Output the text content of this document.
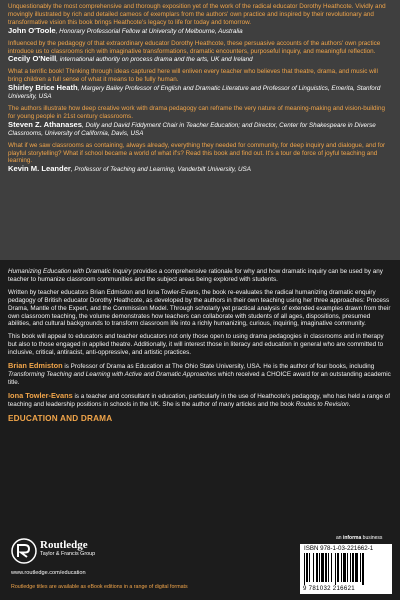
Unquestionably the most comprehensive and thorough exposition yet of the work of the radical educator Dorothy Heathcote. Vividly and movingly illustrated by rich and detailed cameos of exemplars from the authors' own practice and inspired by their revolutionary and transformative vision this book brings Heathcote's legacy to life for today and tomorrow.

John O'Toole, Honorary Professorial Fellow at University of Melbourne, Australia

Influenced by the pedagogy of that extraordinary educator Dorothy Heathcote, these persuasive accounts of the authors' own practice introduce us to classrooms rich with imaginative transformations, dramatic encounters, purposeful inquiry, and meaningful reflection.

Cecily O'Neill, international authority on process drama and the arts, UK and Ireland

What a terrific book! Thinking through ideas captured here will enliven every teacher who believes that theatre, drama, and music will bring children a full sense of what it means to be fully human.

Shirley Brice Heath, Margery Bailey Professor of English and Dramatic Literature and Professor of Linguistics, Emerita, Stanford University, USA

The authors illustrate how deep creative work with drama pedagogy can reframe the very nature of meaning-making and vision-building for young people in 21st century classrooms.

Steven Z. Athanases, Dolly and David Fiddyment Chair in Teacher Education; and Director, Center for Shakespeare in Diverse Classrooms, University of California, Davis, USA

What if we saw classrooms as containing, always already, everything they needed for community, for deep inquiry and dialogue, and for playful storytelling? What if school became a world of what if's? Read this book and find out. It's a tour de force of joyful teaching and learning.

Kevin M. Leander, Professor of Teaching and Learning, Vanderbilt University, USA

Humanizing Education with Dramatic Inquiry provides a comprehensive rationale for why and how dramatic inquiry can be used by any teacher to humanize classroom communities and the subject areas being explored with students.

Written by teacher educators Brian Edmiston and Iona Towler-Evans, the book re-evaluates the radical humanizing dramatic enquiry pedagogy of British educator Dorothy Heathcote, as developed by the authors in their own teaching using her three approaches: Process Drama, Mantle of the Expert, and the Commission Model. Through scholarly yet practical analysis of extended examples drawn from their own classroom teaching, the volume demonstrates how teachers can collaborate with students of all ages, dispositions, presumed abilities, and cultural backgrounds to transform classroom life into a richly humanizing, curious, inquiring, imaginative community.

This book will appeal to educators and teacher educators not only those open to using drama pedagogies in classrooms and in therapy but also to those engaged in applied theatre. Additionally, it will interest those in literacy and education in general who are committed to inclusive, critical, antiracist, anti-oppressive, and artistic practices.

Brian Edmiston is Professor of Drama as Education at The Ohio State University, USA. He is the author of four books, including Transforming Teaching and Learning with Active and Dramatic Approaches which received a CHOICE award for an outstanding academic title.

Iona Towler-Evans is a teacher and consultant in education, particularly in the use of Heathcote's pedagogy, who has held a range of teaching and leadership positions in schools in the UK. She is the author of many articles and the book Routes to Revision.

EDUCATION AND DRAMA

Routledge
Taylor & Francis Group
www.routledge.com/education
an informa business
ISBN 978-1-03-221662-1
9 781032 216621
Routledge titles are available as eBook editions in a range of digital formats
